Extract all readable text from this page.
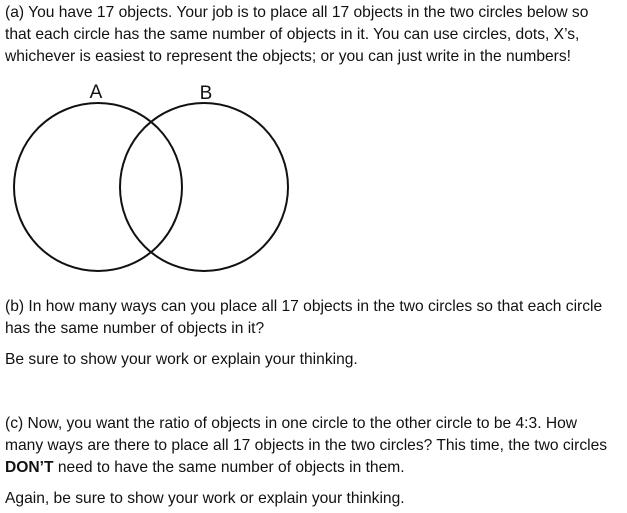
(a) You have 17 objects. Your job is to place all 17 objects in the two circles below so
that each circle has the same number of objects in it. You can use circles, dots, X’s,
whichever is easiest to represent the objects; or you can just write in the numbers!

A	B

(b) In how many ways can you place all 17 objects in the two circles so that each circle
has the same number of objects in it?

Be sure to show your work or explain your thinking.

(c) Now, you want the ratio of objects in one circle to the other circle to be 4:3. How
many ways are there to place all 17 objects in the two circles? This time, the two circles
DON’T need to have the same number of objects in them.

Again, be sure to show your work or explain your thinking.
